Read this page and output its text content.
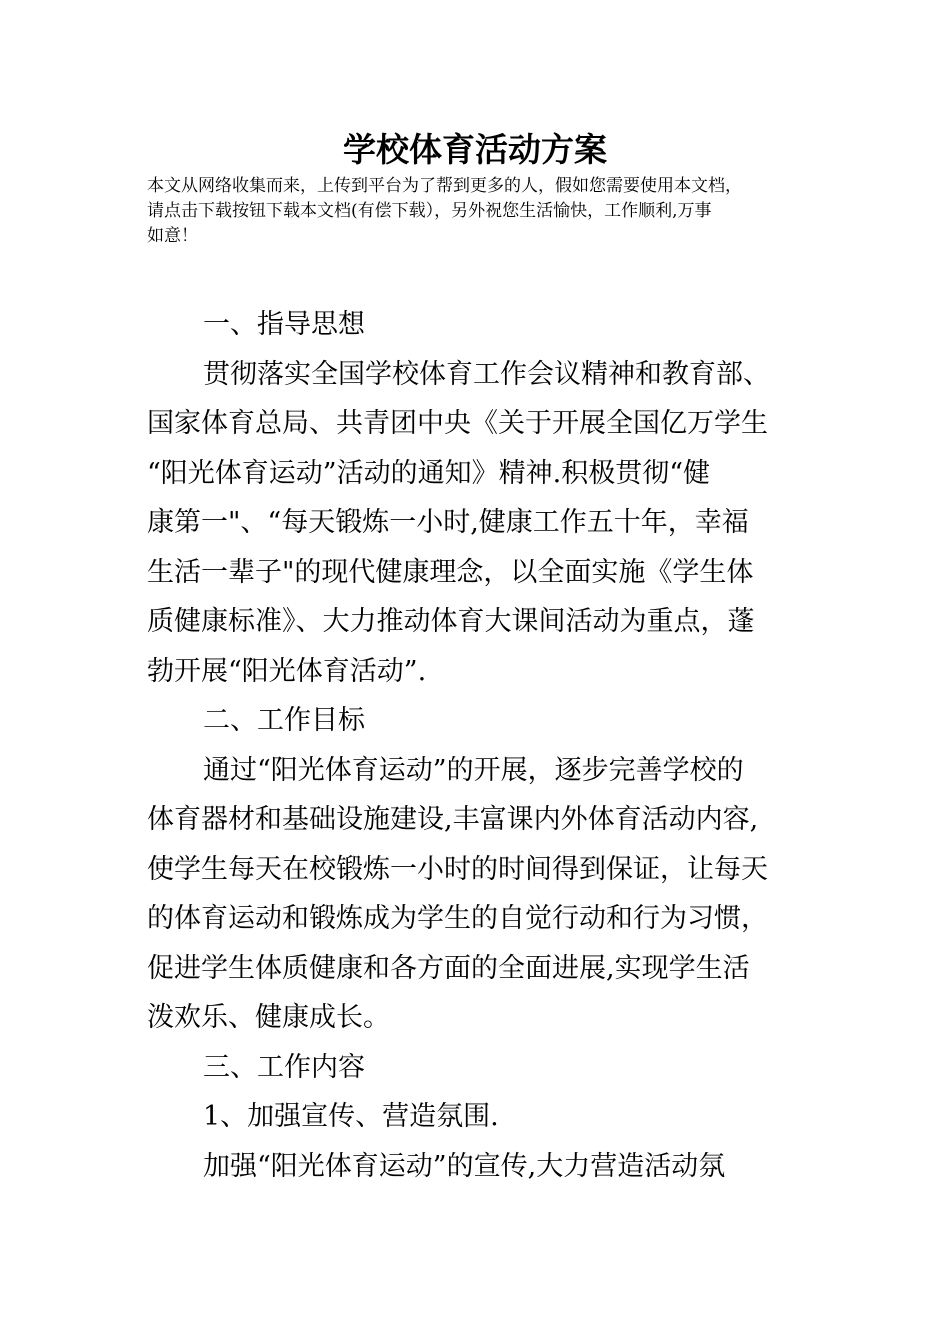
学校体育活动方案
本文从网络收集而来，上传到平台为了帮到更多的人，假如您需要使用本文档，
请点击下载按钮下载本文档(有偿下载），另外祝您生活愉快，工作顺利,万事
如意！
一、指导思想
贯彻落实全国学校体育工作会议精神和教育部、
国家体育总局、共青团中央《关于开展全国亿万学生
“阳光体育运动”活动的通知》精神.积极贯彻“健
康第一"、“每天锻炼一小时,健康工作五十年，幸福
生活一辈子"的现代健康理念，以全面实施《学生体
质健康标准》、大力推动体育大课间活动为重点，蓬
勃开展“阳光体育活动”.
二、工作目标
通过“阳光体育运动”的开展，逐步完善学校的
体育器材和基础设施建设,丰富课内外体育活动内容,
使学生每天在校锻炼一小时的时间得到保证，让每天
的体育运动和锻炼成为学生的自觉行动和行为习惯，
促进学生体质健康和各方面的全面进展,实现学生活
泼欢乐、健康成长。
三、工作内容
1、加强宣传、营造氛围.
加强“阳光体育运动”的宣传,大力营造活动氛
